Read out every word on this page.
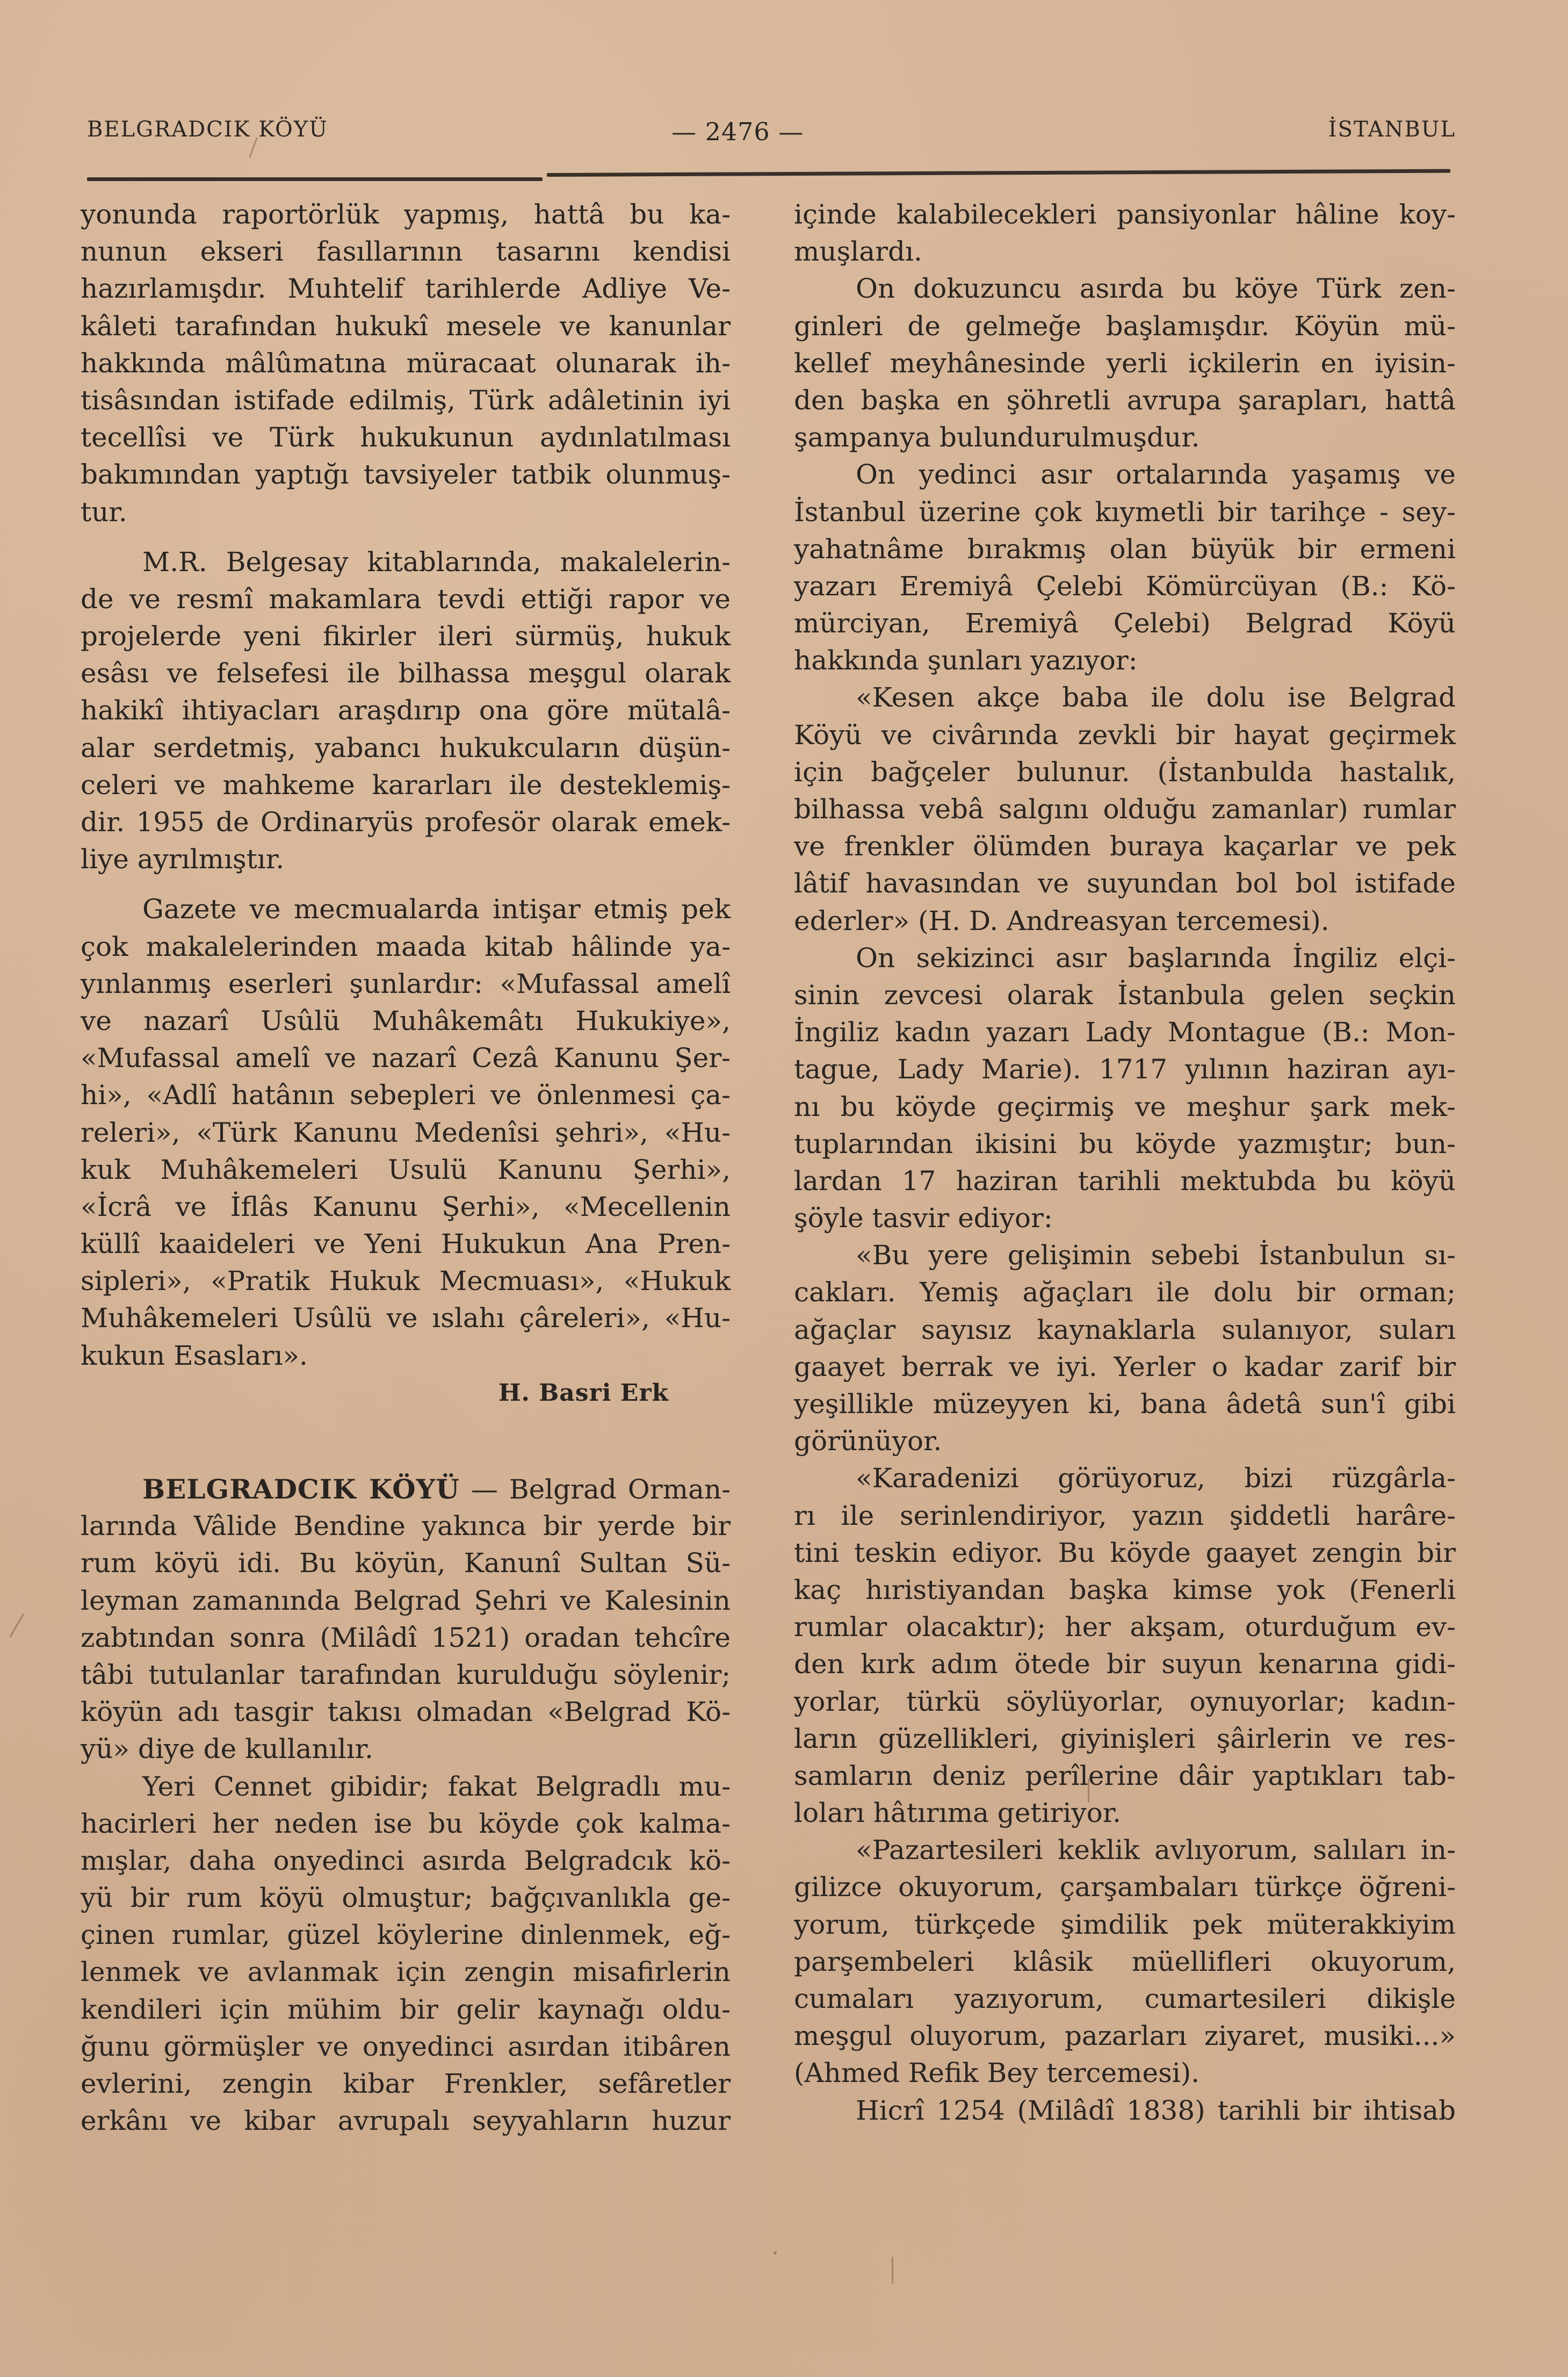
BELGRADCIK KÖYÜ	— 2476 —	İSTANBUL

yonunda raportörlük yapmış, hattâ bu ka-
nunun ekseri fasıllarının tasarını kendisi
hazırlamışdır. Muhtelif tarihlerde Adliye Ve-
kâleti tarafından hukukî mesele ve kanunlar
hakkında mâlûmatına müracaat olunarak ih-
tisâsından istifade edilmiş, Türk adâletinin iyi
tecellîsi ve Türk hukukunun aydınlatılması
bakımından yaptığı tavsiyeler tatbik olunmuş-
tur.

M.R. Belgesay kitablarında, makalelerin-
de ve resmî makamlara tevdi ettiği rapor ve
projelerde yeni fikirler ileri sürmüş, hukuk
esâsı ve felsefesi ile bilhassa meşgul olarak
hakikî ihtiyacları araşdırıp ona göre mütalâ-
alar serdetmiş, yabancı hukukcuların düşün-
celeri ve mahkeme kararları ile desteklemiş-
dir. 1955 de Ordinaryüs profesör olarak emek-
liye ayrılmıştır.

Gazete ve mecmualarda intişar etmiş pek
çok makalelerinden maada kitab hâlinde ya-
yınlanmış eserleri şunlardır: «Mufassal amelî
ve nazarî Usûlü Muhâkemâtı Hukukiye»,
«Mufassal amelî ve nazarî Cezâ Kanunu Şer-
hi», «Adlî hatânın sebepleri ve önlenmesi ça-
releri», «Türk Kanunu Medenîsi şehri», «Hu-
kuk Muhâkemeleri Usulü Kanunu Şerhi»,
«İcrâ ve İflâs Kanunu Şerhi», «Mecellenin
küllî kaaideleri ve Yeni Hukukun Ana Pren-
sipleri», «Pratik Hukuk Mecmuası», «Hukuk
Muhâkemeleri Usûlü ve ıslahı çâreleri», «Hu-
kukun Esasları».

H. Basri Erk

BELGRADCIK KÖYÜ — Belgrad Orman-
larında Vâlide Bendine yakınca bir yerde bir
rum köyü idi. Bu köyün, Kanunî Sultan Sü-
leyman zamanında Belgrad Şehri ve Kalesinin
zabtından sonra (Milâdî 1521) oradan tehcîre
tâbi tutulanlar tarafından kurulduğu söylenir;
köyün adı tasgir takısı olmadan «Belgrad Kö-
yü» diye de kullanılır.

Yeri Cennet gibidir; fakat Belgradlı mu-
hacirleri her neden ise bu köyde çok kalma-
mışlar, daha onyedinci asırda Belgradcık kö-
yü bir rum köyü olmuştur; bağçıvanlıkla ge-
çinen rumlar, güzel köylerine dinlenmek, eğ-
lenmek ve avlanmak için zengin misafirlerin
kendileri için mühim bir gelir kaynağı oldu-
ğunu görmüşler ve onyedinci asırdan itibâren
evlerini, zengin kibar Frenkler, sefâretler
erkânı ve kibar avrupalı seyyahların huzur

içinde kalabilecekleri pansiyonlar hâline koy-
muşlardı.

On dokuzuncu asırda bu köye Türk zen-
ginleri de gelmeğe başlamışdır. Köyün mü-
kellef meyhânesinde yerli içkilerin en iyisin-
den başka en şöhretli avrupa şarapları, hattâ
şampanya bulundurulmuşdur.

On yedinci asır ortalarında yaşamış ve
İstanbul üzerine çok kıymetli bir tarihçe - sey-
yahatnâme bırakmış olan büyük bir ermeni
yazarı Eremiyâ Çelebi Kömürcüyan (B.: Kö-
mürciyan, Eremiyâ Çelebi) Belgrad Köyü
hakkında şunları yazıyor:

«Kesen akçe baba ile dolu ise Belgrad
Köyü ve civârında zevkli bir hayat geçirmek
için bağçeler bulunur. (İstanbulda hastalık,
bilhassa vebâ salgını olduğu zamanlar) rumlar
ve frenkler ölümden buraya kaçarlar ve pek
lâtif havasından ve suyundan bol bol istifade
ederler» (H. D. Andreasyan tercemesi).

On sekizinci asır başlarında İngiliz elçi-
sinin zevcesi olarak İstanbula gelen seçkin
İngiliz kadın yazarı Lady Montague (B.: Mon-
tague, Lady Marie). 1717 yılının haziran ayı-
nı bu köyde geçirmiş ve meşhur şark mek-
tuplarından ikisini bu köyde yazmıştır; bun-
lardan 17 haziran tarihli mektubda bu köyü
şöyle tasvir ediyor:

«Bu yere gelişimin sebebi İstanbulun sı-
cakları. Yemiş ağaçları ile dolu bir orman;
ağaçlar sayısız kaynaklarla sulanıyor, suları
gaayet berrak ve iyi. Yerler o kadar zarif bir
yeşillikle müzeyyen ki, bana âdetâ sun'î gibi
görünüyor.

«Karadenizi görüyoruz, bizi rüzgârla-
rı ile serinlendiriyor, yazın şiddetli harâre-
tini teskin ediyor. Bu köyde gaayet zengin bir
kaç hıristiyandan başka kimse yok (Fenerli
rumlar olacaktır); her akşam, oturduğum ev-
den kırk adım ötede bir suyun kenarına gidi-
yorlar, türkü söylüyorlar, oynuyorlar; kadın-
ların güzellikleri, giyinişleri şâirlerin ve res-
samların deniz perîlerine dâir yaptıkları tab-
loları hâtırıma getiriyor.

«Pazartesileri keklik avlıyorum, salıları in-
gilizce okuyorum, çarşambaları türkçe öğreni-
yorum, türkçede şimdilik pek müterakkiyim
parşembeleri klâsik müellifleri okuyorum,
cumaları yazıyorum, cumartesileri dikişle
meşgul oluyorum, pazarları ziyaret, musiki...»
(Ahmed Refik Bey tercemesi).

Hicrî 1254 (Milâdî 1838) tarihli bir ihtisab
